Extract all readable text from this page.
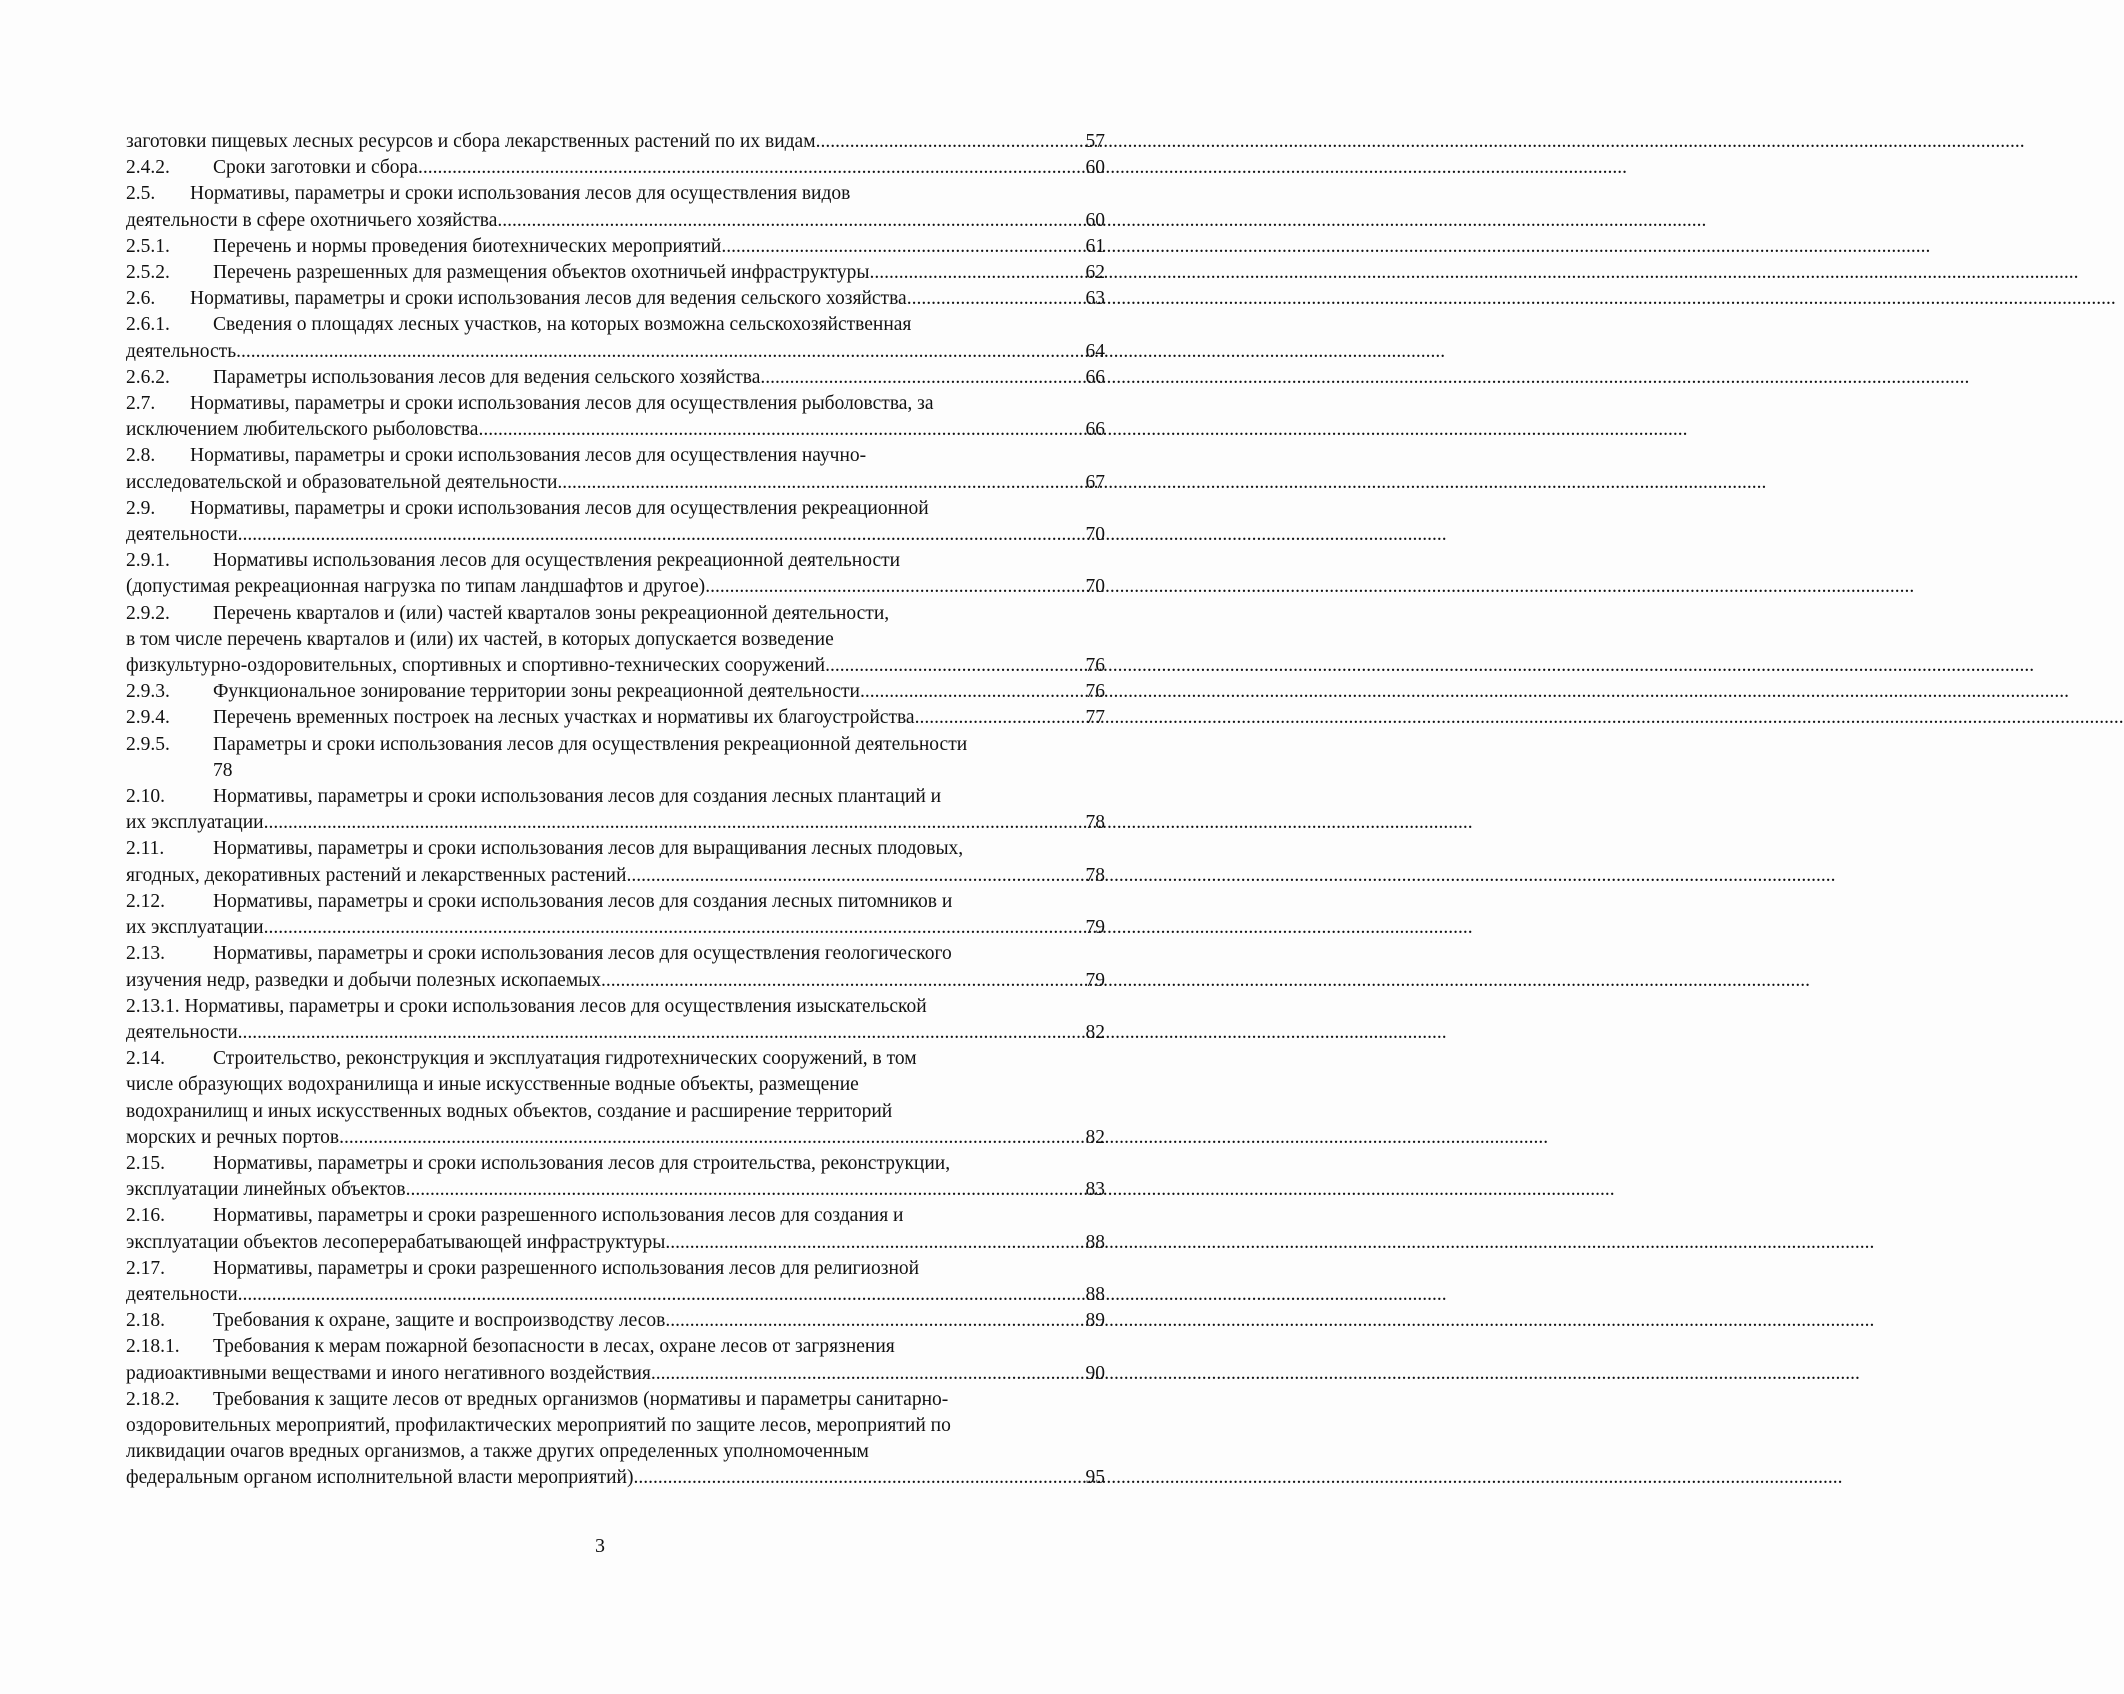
заготовки пищевых лесных ресурсов и сбора лекарственных растений по их видам .....	57
2.4.2.	Сроки заготовки и сбора .....	60
2.5.	Нормативы, параметры и сроки использования лесов для осуществления видов
деятельности в сфере охотничьего хозяйства .....	60
2.5.1.	Перечень и нормы проведения биотехнических мероприятий .....	61
2.5.2.	Перечень разрешенных для размещения объектов охотничьей инфраструктуры .....	62
2.6.	Нормативы, параметры и сроки использования лесов для ведения сельского хозяйства .....	63
2.6.1.	Сведения о площадях лесных участков, на которых возможна сельскохозяйственная
деятельность .....	64
2.6.2.	Параметры использования лесов для ведения сельского хозяйства .....	66
2.7.	Нормативы, параметры и сроки использования лесов для осуществления рыболовства, за
исключением любительского рыболовства .....	66
2.8.	Нормативы, параметры и сроки использования лесов для осуществления научно-
исследовательской и образовательной деятельности .....	67
2.9.	Нормативы, параметры и сроки использования лесов для осуществления рекреационной
деятельности .....	70
2.9.1.	Нормативы использования лесов для осуществления рекреационной деятельности
(допустимая рекреационная нагрузка по типам ландшафтов и другое) .....	70
2.9.2.	Перечень кварталов и (или) частей кварталов зоны рекреационной деятельности,
в том числе перечень кварталов и (или) их частей, в которых допускается возведение
физкультурно-оздоровительных, спортивных и спортивно-технических сооружений .....	76
2.9.3.	Функциональное зонирование территории зоны рекреационной деятельности .....	76
2.9.4.	Перечень временных построек на лесных участках и нормативы их благоустройства .....	77
2.9.5.	Параметры и сроки использования лесов для осуществления рекреационной деятельности
78
2.10.	Нормативы, параметры и сроки использования лесов для создания лесных плантаций и
их эксплуатации .....	78
2.11.	Нормативы, параметры и сроки использования лесов для выращивания лесных плодовых,
ягодных, декоративных растений и лекарственных растений .....	78
2.12.	Нормативы, параметры и сроки использования лесов для создания лесных питомников и
их эксплуатации .....	79
2.13.	Нормативы, параметры и сроки использования лесов для осуществления геологического
изучения недр, разведки и добычи полезных ископаемых .....	79
2.13.1. Нормативы, параметры и сроки использования лесов для осуществления изыскательской
деятельности .....	82
2.14.	Строительство, реконструкция и эксплуатация гидротехнических сооружений, в том
числе образующих водохранилища и иные искусственные водные объекты, размещение
водохранилищ и иных искусственных водных объектов, создание и расширение территорий
морских и речных портов .....	82
2.15.	Нормативы, параметры и сроки использования лесов для строительства, реконструкции,
эксплуатации линейных объектов .....	83
2.16.	Нормативы, параметры и сроки разрешенного использования лесов для создания и
эксплуатации объектов лесоперерабатывающей инфраструктуры .....	88
2.17.	Нормативы, параметры и сроки разрешенного использования лесов для религиозной
деятельности .....	88
2.18.	Требования к охране, защите и воспроизводству лесов .....	89
2.18.1.	Требования к мерам пожарной безопасности в лесах, охране лесов от загрязнения
радиоактивными веществами и иного негативного воздействия .....	90
2.18.2.	Требования к защите лесов от вредных организмов (нормативы и параметры санитарно-
оздоровительных мероприятий, профилактических мероприятий по защите лесов, мероприятий по
ликвидации очагов вредных организмов, а также других определенных уполномоченным
федеральным органом исполнительной власти мероприятий) .....	95
3
